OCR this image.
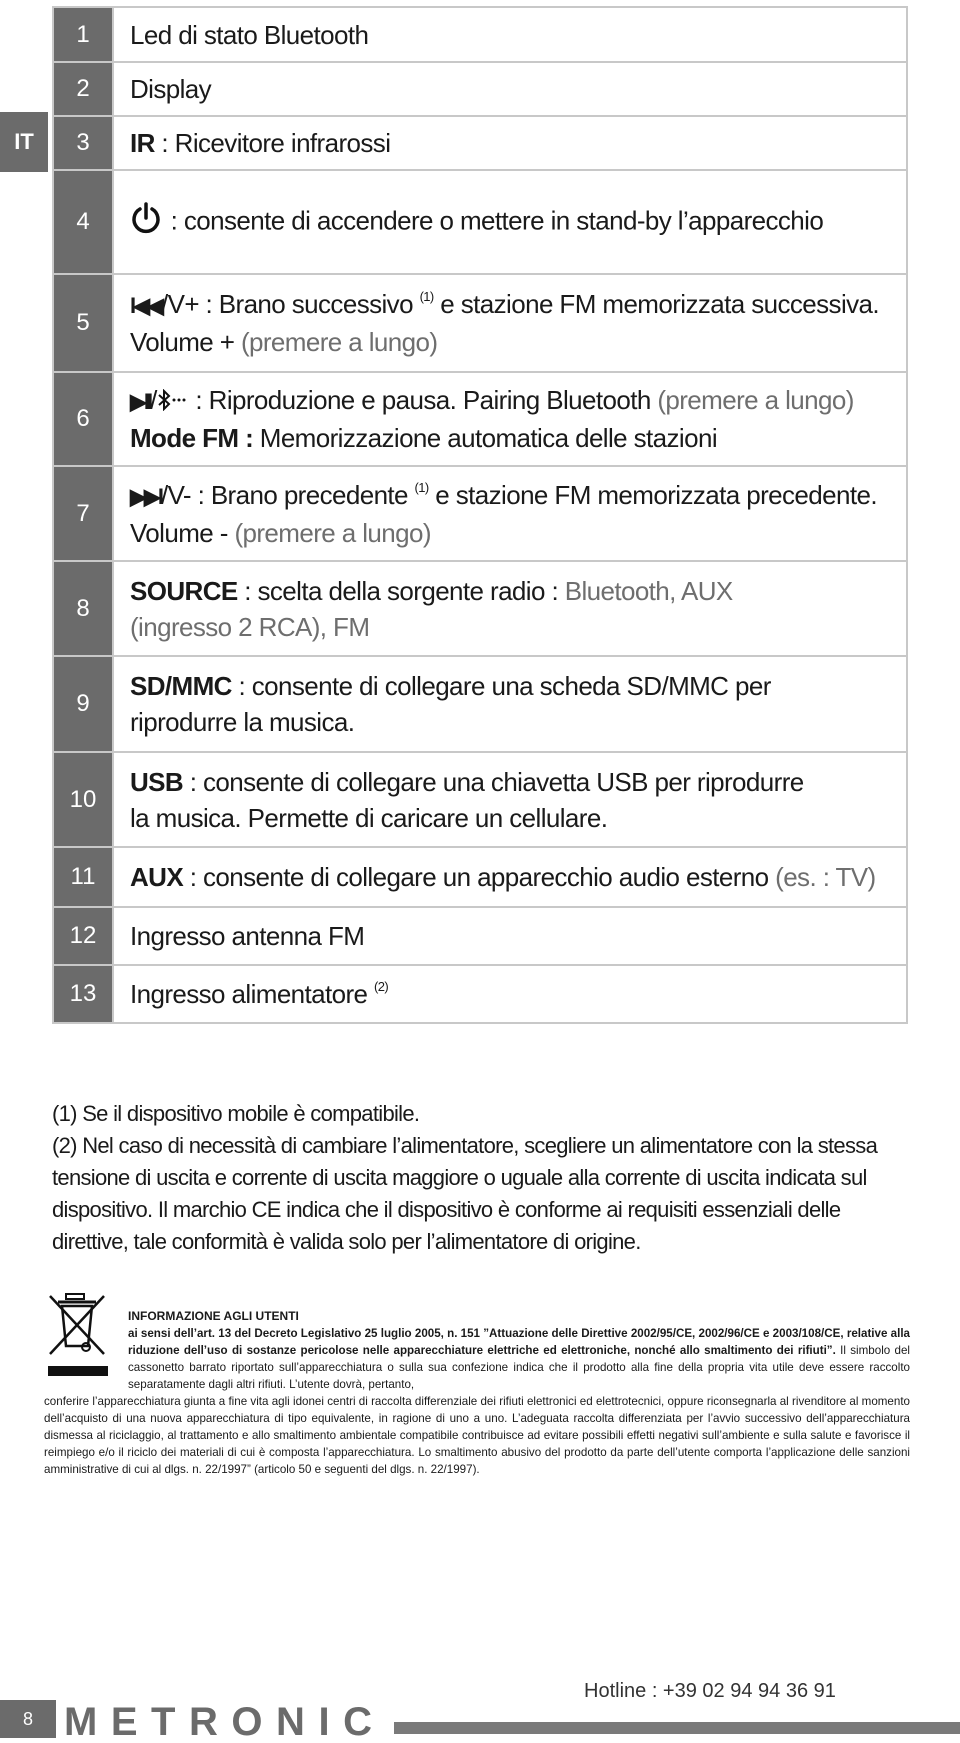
IT
1	Led di stato Bluetooth
2	Display
3	IR : Ricevitore infrarossi
4	: consente di accendere o mettere in stand-by l’apparecchio
5	I◀◀/V+ : Brano successivo $^{(1)}$ e stazione FM memorizzata successiva.
Volume + (premere a lungo)
6	▶II/ : Riproduzione e pausa. Pairing Bluetooth (premere a lungo)
Mode FM : Memorizzazione automatica delle stazioni
7	▶▶I/V- : Brano precedente $^{(1)}$ e stazione FM memorizzata precedente.
Volume - (premere a lungo)
8	SOURCE : scelta della sorgente radio : Bluetooth, AUX
(ingresso 2 RCA), FM
9	SD/MMC : consente di collegare una scheda SD/MMC per
riprodurre la musica.
10	USB : consente di collegare una chiavetta USB per riprodurre
la musica. Permette di caricare un cellulare.
11	AUX : consente di collegare un apparecchio audio esterno (es. : TV)
12	Ingresso antenna FM
13	Ingresso alimentatore $^{(2)}$

(1) Se il dispositivo mobile è compatibile.

(2) Nel caso di necessità di cambiare l’alimentatore, scegliere un alimentatore con la stessa tensione di uscita e corrente di uscita maggiore o uguale alla corrente di uscita indicata sul dispositivo. Il marchio CE indica che il dispositivo è conforme ai requisiti essenziali delle direttive, tale conformità è valida solo per l’alimentatore di origine.

INFORMAZIONE AGLI UTENTI

ai sensi dell’art. 13 del Decreto Legislativo 25 luglio 2005, n. 151 ”Attuazione delle Direttive 2002/95/CE, 2002/96/CE e 2003/108/CE, relative alla riduzione dell’uso di sostanze pericolose nelle apparecchiature elettriche ed elettroniche, nonché allo smaltimento dei rifiuti”. Il simbolo del cassonetto barrato riportato sull’apparecchiatura o sulla sua confezione indica che il prodotto alla fine della propria vita utile deve essere raccolto separatamente dagli altri rifiuti. L’utente dovrà, pertanto,

conferire l’apparecchiatura giunta a fine vita agli idonei centri di raccolta differenziale dei rifiuti elettronici ed elettrotecnici, oppure riconsegnarla al rivenditore al momento dell’acquisto di una nuova apparecchiatura di tipo equivalente, in ragione di uno a uno. L’adeguata raccolta differenziata per l’avvio successivo dell’apparecchiatura dismessa al riciclaggio, al trattamento e allo smaltimento ambientale compatibile contribuisce ad evitare possibili effetti negativi sull’ambiente e sulla salute e favorisce il reimpiego e/o il riciclo dei materiali di cui è composta l’apparecchiatura. Lo smaltimento abusivo del prodotto da parte dell’utente comporta l’applicazione delle sanzioni amministrative di cui al dlgs. n. 22/1997” (articolo 50 e seguenti del dlgs. n. 22/1997).

Hotline : +39 02 94 94 36 91
8 METRONIC
